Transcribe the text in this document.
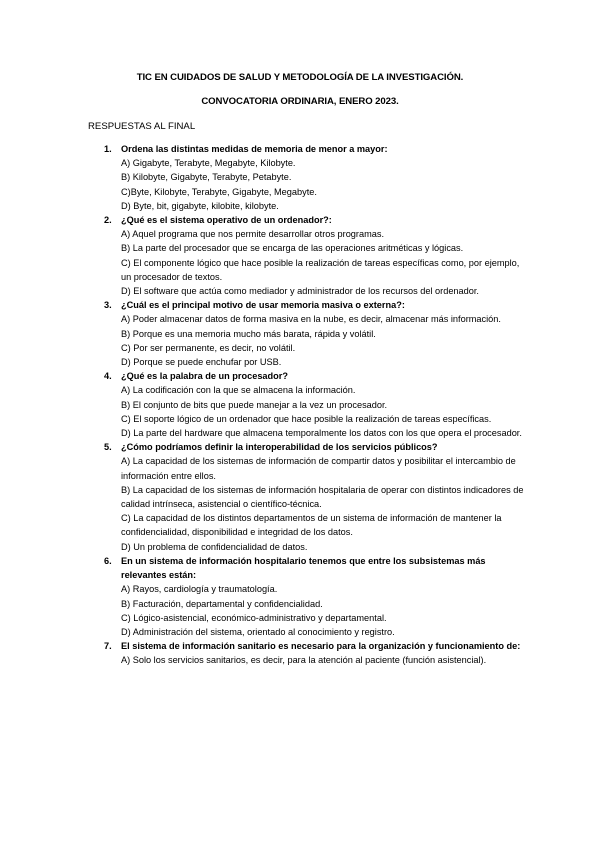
TIC EN CUIDADOS DE SALUD Y METODOLOGÍA DE LA INVESTIGACIÓN.
CONVOCATORIA ORDINARIA, ENERO 2023.
RESPUESTAS AL FINAL
1. Ordena las distintas medidas de memoria de menor a mayor:
A) Gigabyte, Terabyte, Megabyte, Kilobyte.
B) Kilobyte, Gigabyte, Terabyte, Petabyte.
C)Byte, Kilobyte, Terabyte, Gigabyte, Megabyte.
D) Byte, bit, gigabyte, kilobite, kilobyte.
2. ¿Qué es el sistema operativo de un ordenador?:
A) Aquel programa que nos permite desarrollar otros programas.
B) La parte del procesador que se encarga de las operaciones aritméticas y lógicas.
C) El componente lógico que hace posible la realización de tareas específicas como, por ejemplo, un procesador de textos.
D) El software que actúa como mediador y administrador de los recursos del ordenador.
3. ¿Cuál es el principal motivo de usar memoria masiva o externa?:
A) Poder almacenar datos de forma masiva en la nube, es decir, almacenar más información.
B) Porque es una memoria mucho más barata, rápida y volátil.
C) Por ser permanente, es decir, no volátil.
D) Porque se puede enchufar por USB.
4. ¿Qué es la palabra de un procesador?
A) La codificación con la que se almacena la información.
B) El conjunto de bits que puede manejar a la vez un procesador.
C) El soporte lógico de un ordenador que hace posible la realización de tareas específicas.
D) La parte del hardware que almacena temporalmente los datos con los que opera el procesador.
5. ¿Cómo podríamos definir la interoperabilidad de los servicios públicos?
A) La capacidad de los sistemas de información de compartir datos y posibilitar el intercambio de información entre ellos.
B) La capacidad de los sistemas de información hospitalaria de operar con distintos indicadores de calidad intrínseca, asistencial o científico-técnica.
C) La capacidad de los distintos departamentos de un sistema de información de mantener la confidencialidad, disponibilidad e integridad de los datos.
D) Un problema de confidencialidad de datos.
6. En un sistema de información hospitalario tenemos que entre los subsistemas más relevantes están:
A) Rayos, cardiología y traumatología.
B) Facturación, departamental y confidencialidad.
C) Lógico-asistencial, económico-administrativo y departamental.
D) Administración del sistema, orientado al conocimiento y registro.
7. El sistema de información sanitario es necesario para la organización y funcionamiento de:
A) Solo los servicios sanitarios, es decir, para la atención al paciente (función asistencial).
